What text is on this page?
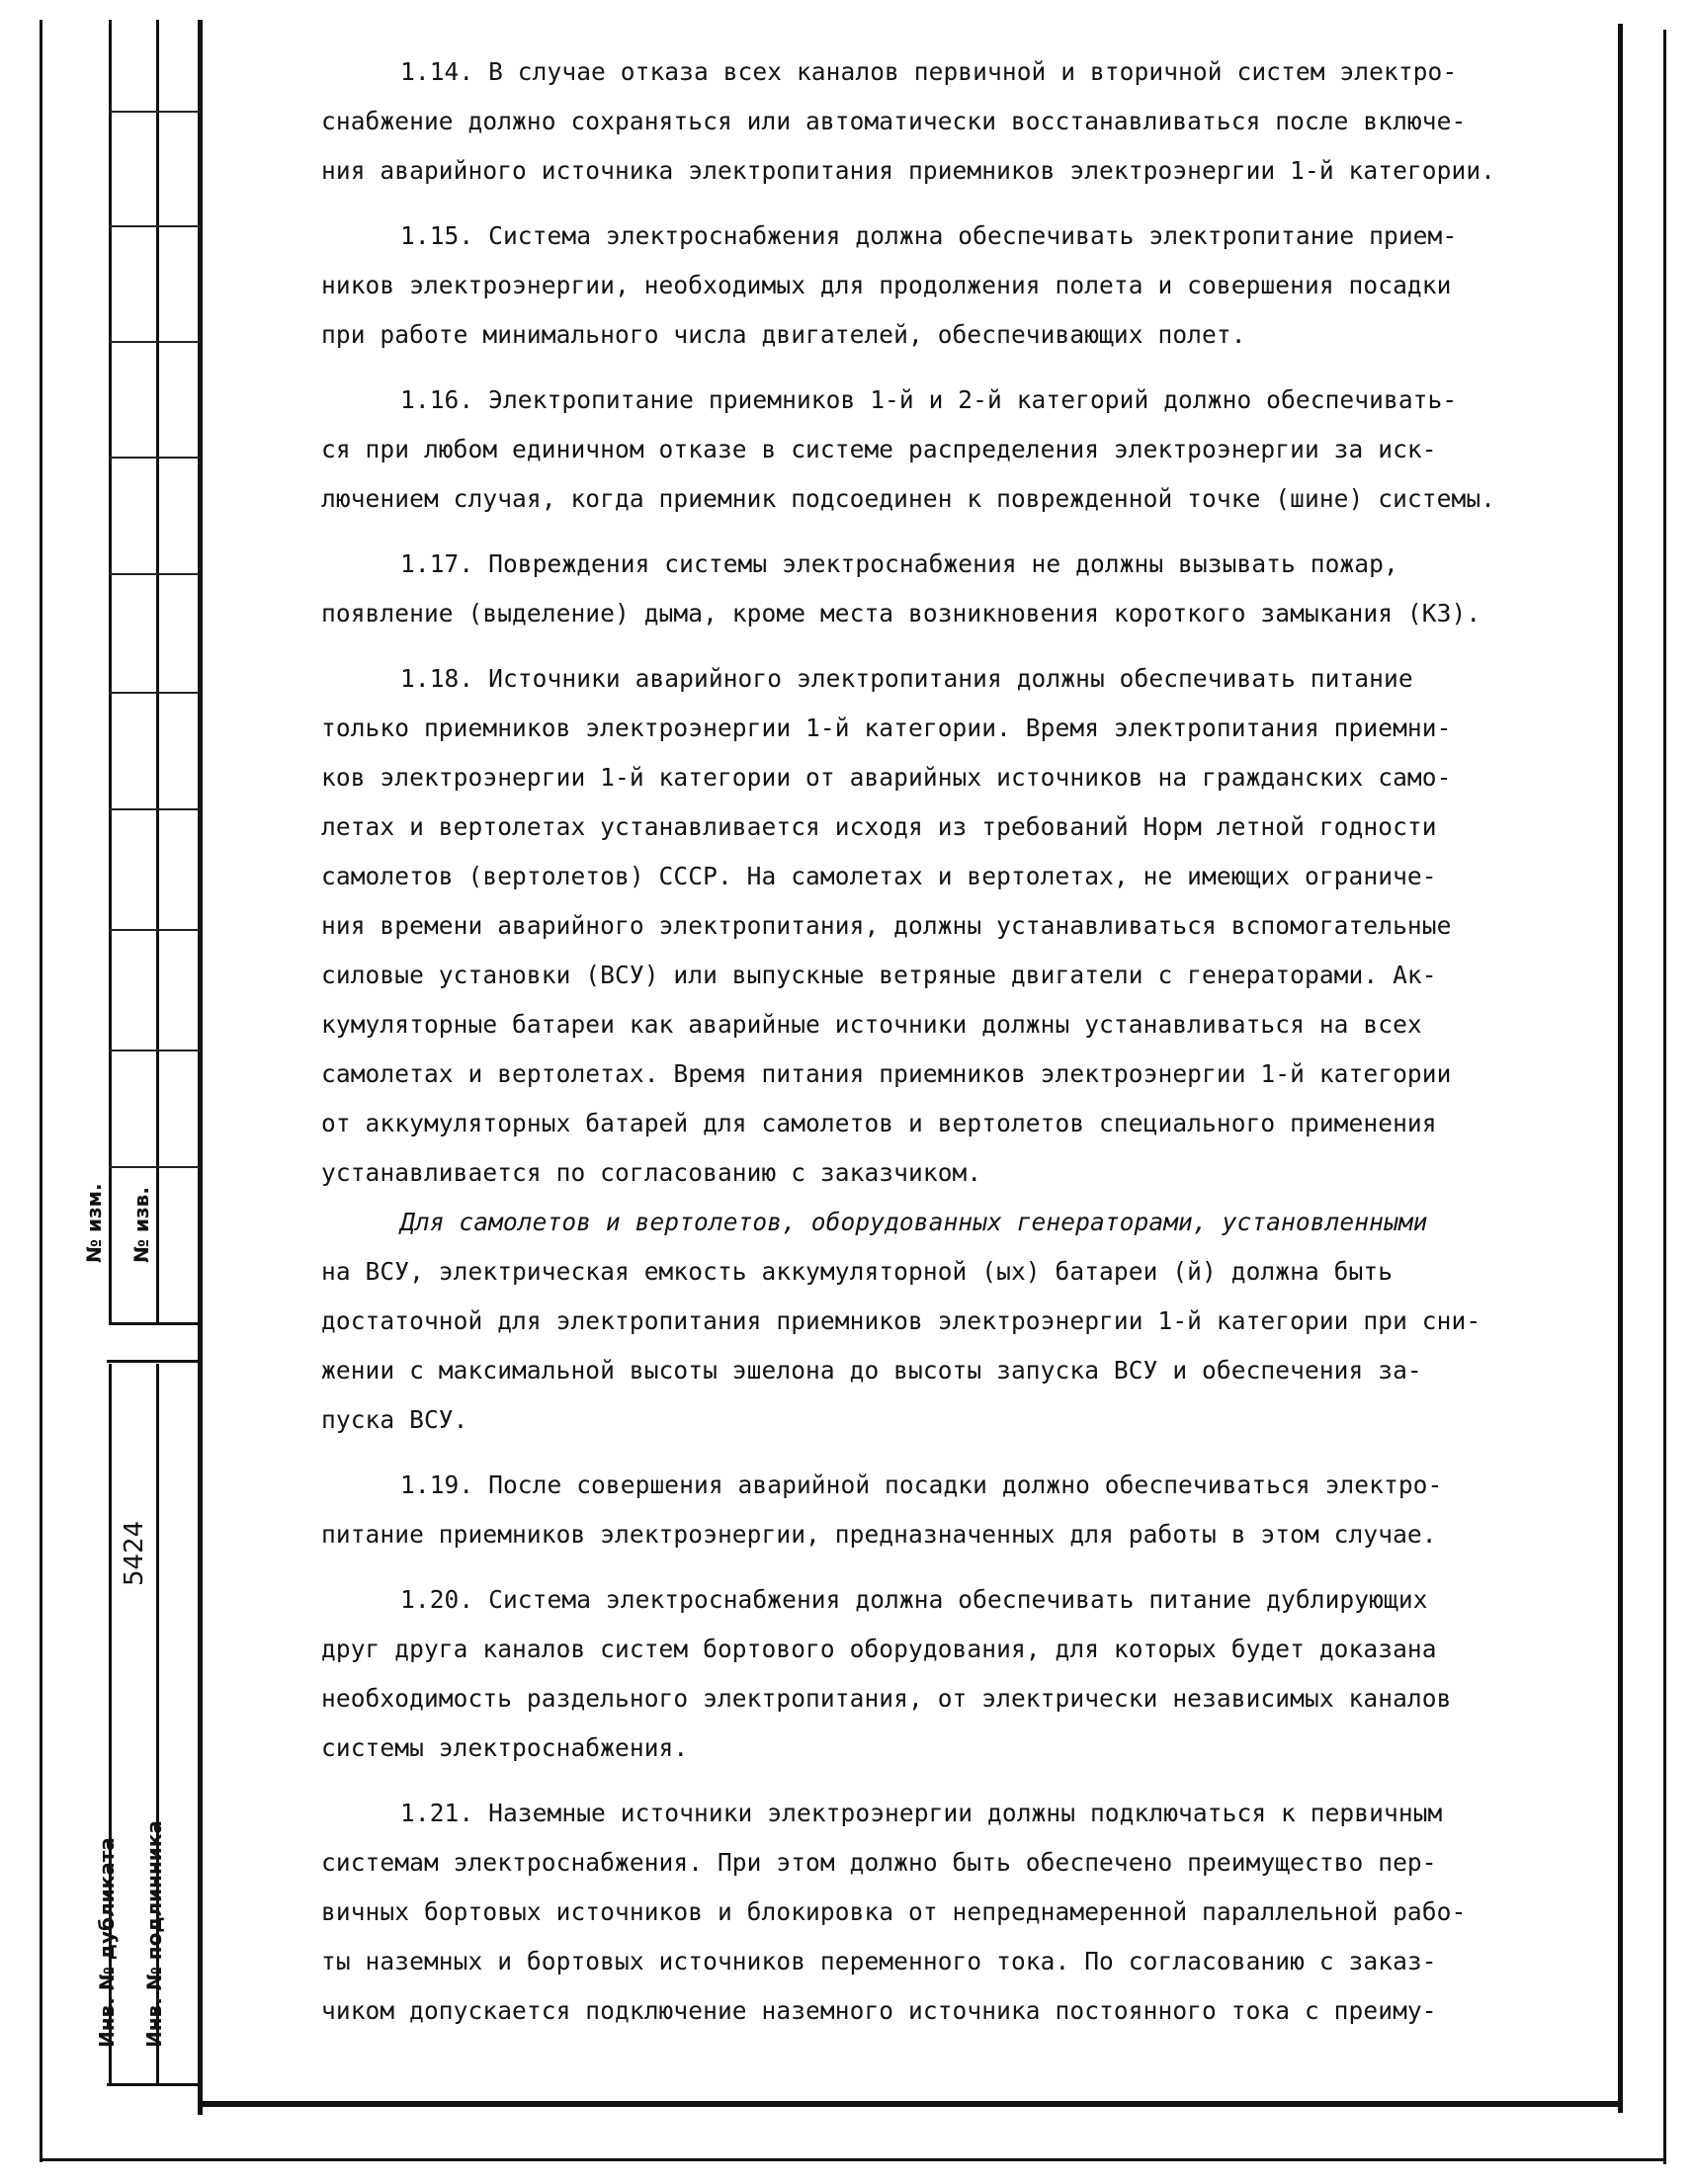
№ изм. № изв.
Инв. № дубликата Инв. № подлинника
5424

1.14. В случае отказа всех каналов первичной и вторичной систем электро-
снабжение должно сохраняться или автоматически восстанавливаться после включе-
ния аварийного источника электропитания приемников электроэнергии 1-й категории.

1.15. Система электроснабжения должна обеспечивать электропитание прием-
ников электроэнергии, необходимых для продолжения полета и совершения посадки
при работе минимального числа двигателей, обеспечивающих полет.

1.16. Электропитание приемников 1-й и 2-й категорий должно обеспечивать-
ся при любом единичном отказе в системе распределения электроэнергии за иск-
лючением случая, когда приемник подсоединен к поврежденной точке (шине) системы.

1.17. Повреждения системы электроснабжения не должны вызывать пожар,
появление (выделение) дыма, кроме места возникновения короткого замыкания (КЗ).

1.18. Источники аварийного электропитания должны обеспечивать питание
только приемников электроэнергии 1-й категории. Время электропитания приемни-
ков электроэнергии 1-й категории от аварийных источников на гражданских само-
летах и вертолетах устанавливается исходя из требований Норм летной годности
самолетов (вертолетов) СССР. На самолетах и вертолетах, не имеющих ограниче-
ния времени аварийного электропитания, должны устанавливаться вспомогательные
силовые установки (ВСУ) или выпускные ветряные двигатели с генераторами. Ак-
кумуляторные батареи как аварийные источники должны устанавливаться на всех
самолетах и вертолетах. Время питания приемников электроэнергии 1-й категории
от аккумуляторных батарей для самолетов и вертолетов специального применения
устанавливается по согласованию с заказчиком.

Для самолетов и вертолетов, оборудованных генераторами, установленными
на ВСУ, электрическая емкость аккумуляторной (ых) батареи (й) должна быть
достаточной для электропитания приемников электроэнергии 1-й категории при сни-
жении с максимальной высоты эшелона до высоты запуска ВСУ и обеспечения за-
пуска ВСУ.

1.19. После совершения аварийной посадки должно обеспечиваться электро-
питание приемников электроэнергии, предназначенных для работы в этом случае.

1.20. Система электроснабжения должна обеспечивать питание дублирующих
друг друга каналов систем бортового оборудования, для которых будет доказана
необходимость раздельного электропитания, от электрически независимых каналов
системы электроснабжения.

1.21. Наземные источники электроэнергии должны подключаться к первичным
системам электроснабжения. При этом должно быть обеспечено преимущество пер-
вичных бортовых источников и блокировка от непреднамеренной параллельной рабо-
ты наземных и бортовых источников переменного тока. По согласованию с заказ-
чиком допускается подключение наземного источника постоянного тока с преиму-
